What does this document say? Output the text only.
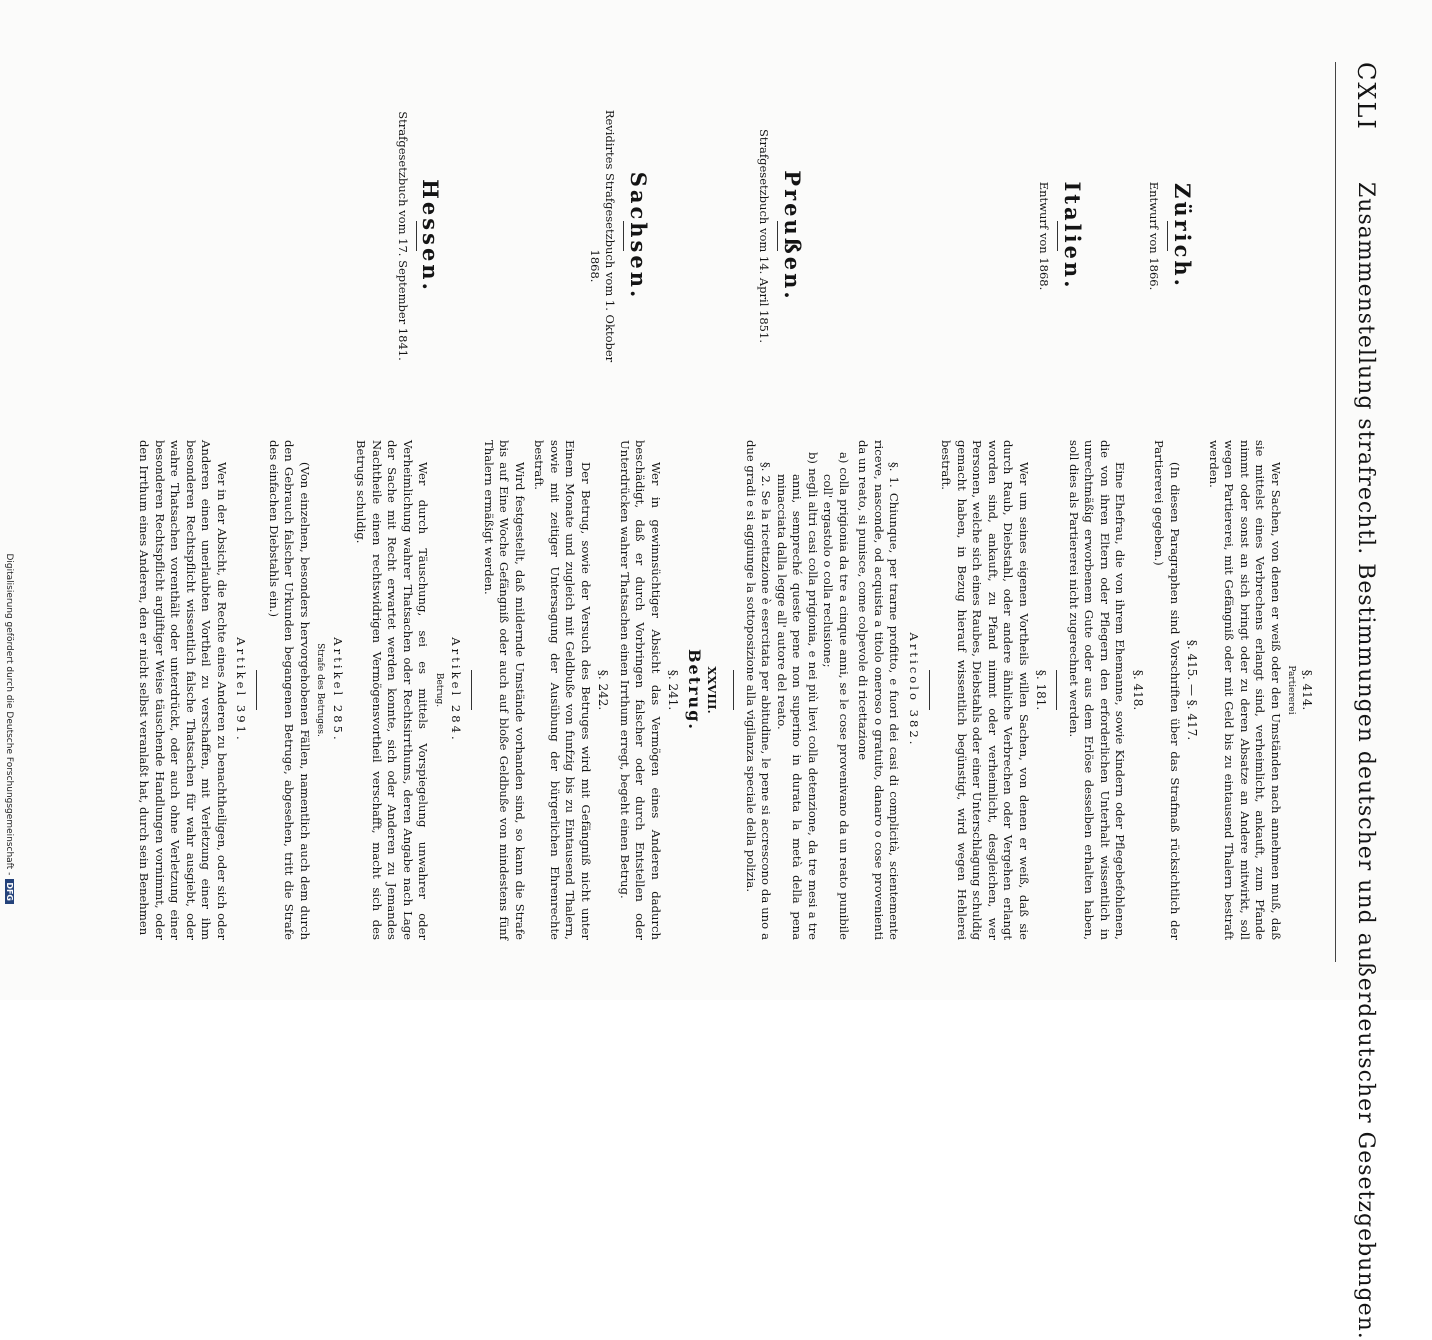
CXLI
Zusammenstellung strafrechtl. Bestimmungen deutscher und außerdeutscher Gesetzgebungen.
Zürich.
Entwurf von 1866.
Italien.
Entwurf von 1868.
Preußen.
Strafgesetzbuch vom 14. April 1851.
Sachsen.
Revidirtes Strafgesetzbuch vom 1. Oktober
1868.
Hessen.
Strafgesetzbuch vom 17. September 1841.
§. 414.
Partiererei

Wer Sachen, von denen er weiß oder den Umständen nach annehmen muß, daß sie mittelst eines Verbrechens erlangt sind, verheimlicht, ankauft, zum Pfande nimmt oder sonst an sich bringt oder zu deren Absatze an Andere mitwirkt, soll wegen Partiererei, mit Gefängniß oder mit Geld bis zu eintausend Thalern bestraft werden.

§. 415. — §. 417.

(In diesen Paragraphen sind Vorschriften über das Strafmaß rücksichtlich der Partiererei gegeben.)

§. 418.

Eine Ehefrau, die von ihrem Ehemanne, sowie Kindern oder Pflegebefohlenen, die von ihren Eltern oder Pflegern den erforderlichen Unterhalt wissentlich in unrechtmäßig erworbenem Gute oder aus dem Erlöse desselben erhalten haben, soll dies als Partiererei nicht zugerechnet werden.

§. 181.

Wer um seines eigenen Vortheils willen Sachen, von denen er weiß, daß sie durch Raub, Diebstahl, oder andere ähnliche Verbrechen oder Vergehen erlangt worden sind, ankauft, zu Pfand nimmt oder verheimlicht, desgleichen, wer Personen, welche sich eines Raubes, Diebstahls oder einer Unterschlagung schuldig gemacht haben, in Bezug hierauf wissentlich begünstigt, wird wegen Hehlerei bestraft.

Articolo 382.

§. 1. Chiunque, per trarne profitto, e fuori dei casi di complicità, scientemente riceve, nasconde, od acquista a titolo oneroso o gratuito, danaro o cose provenienti da un reato, si punisce, come colpevole di ricettazione

a) colla prigionia da tre a cinque anni, se le cose provenivano da un reato punibile coll' ergastolo o colla reclusione;

b) negli altri casi colla prigionia, e nei più lievi colla detenzione, da tre mesi a tre anni, sempreché queste pene non superino in durata la metà della pena minacciata dalla legge all' autore del reato.

§. 2. Se la ricettazione è esercitata per abitudine, le pene si accrescono da uno a due gradi e si aggiunge la sottoposizione alla vigilanza speciale della polizia.

XXVIII.
Betrug.
§. 241.

Wer in gewinnsüchtiger Absicht das Vermögen eines Anderen dadurch beschädigt, daß er durch Vorbringen falscher oder durch Entstellen oder Unterdrücken wahrer Thatsachen einen Irrthum erregt, begeht einen Betrug.

§. 242.

Der Betrug, sowie der Versuch des Betruges wird mit Gefängniß nicht unter Einem Monate und zugleich mit Geldbuße von funfzig bis zu Eintausend Thalern, sowie mit zeitiger Untersagung der Ausübung der bürgerlichen Ehrenrechte bestraft.

Wird festgestellt, daß mildernde Umstände vorhanden sind, so kann die Strafe bis auf Eine Woche Gefängniß oder auch auf bloße Geldbuße von mindestens fünf Thalern ermäßigt werden.

Artikel 284.
Betrug.

Wer durch Täuschung, sei es mittels Vorspiegelung unwahrer oder Verheimlichung wahrer Thatsachen oder Rechtsirrthums, deren Angabe nach Lage der Sache mit Recht erwartet werden konnte, sich oder Anderen zu Jemandes Nachtheile einen rechtswidrigen Vermögensvortheil verschafft, macht sich des Betrugs schuldig.

Artikel 285.
Strafe des Betruges.

(Von einzelnen, besonders hervorgehobenen Fällen, namentlich auch dem durch den Gebrauch falscher Urkunden begangenen Betruge, abgesehen, tritt die Strafe des einfachen Diebstahls ein.)

Artikel 391.

Wer in der Absicht, die Rechte eines Anderen zu benachtheiligen, oder sich oder Anderen einen unerlaubten Vortheil zu verschaffen, mit Verletzung einer ihm besonderen Rechtspflicht wissentlich falsche Thatsachen für wahr ausgiebt, oder wahre Thatsachen vorenthält oder unterdrückt, oder auch ohne Verletzung einer besonderen Rechtspflicht argliftiger Weise täuschende Handlungen vornimmt, oder den Irrthum eines Anderen, den er nicht selbst veranlaßt hat, durch sein Benehmen

Digitalisierung gefördert durch die Deutsche Forschungsgemeinschaft -DFG
